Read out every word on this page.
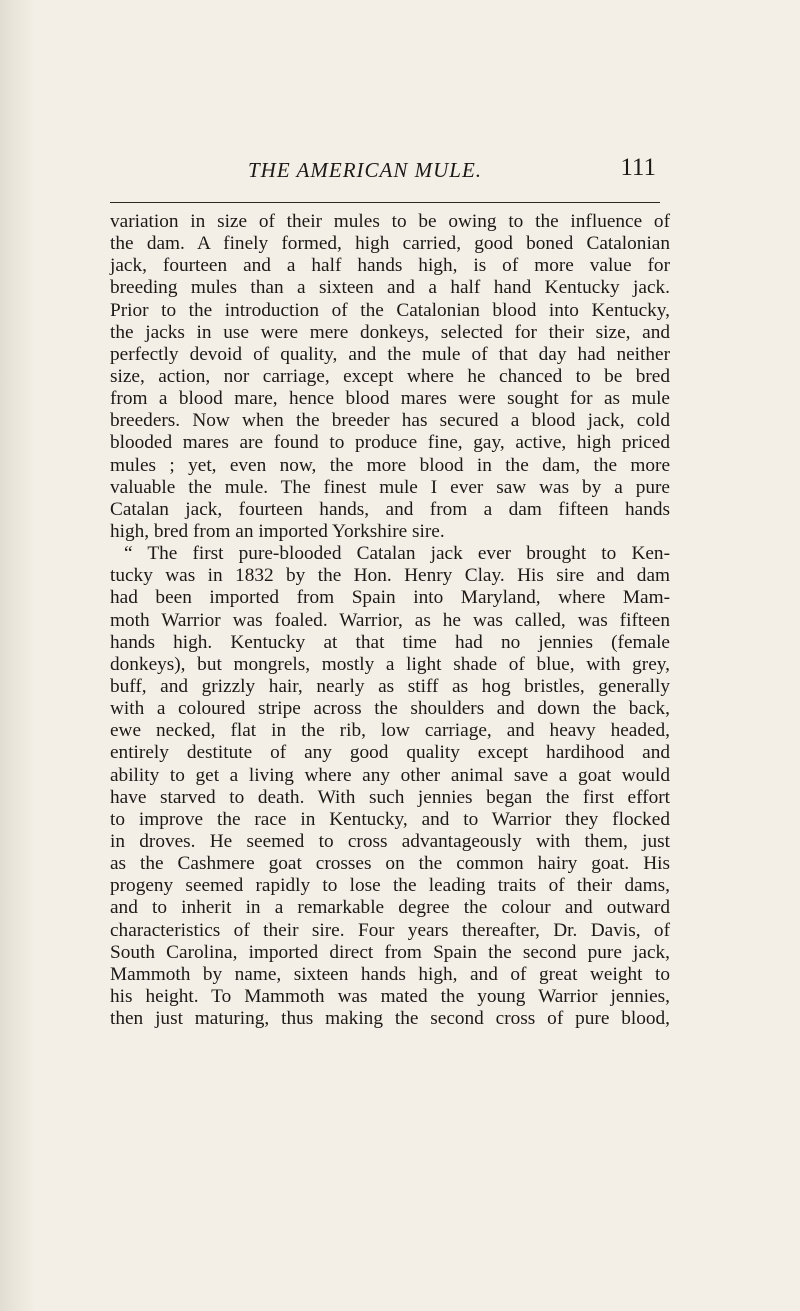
THE AMERICAN MULE.	111
variation in size of their mules to be owing to the influence of
the dam. A finely formed, high carried, good boned Catalonian
jack, fourteen and a half hands high, is of more value for
breeding mules than a sixteen and a half hand Kentucky jack.
Prior to the introduction of the Catalonian blood into Kentucky,
the jacks in use were mere donkeys, selected for their size, and
perfectly devoid of quality, and the mule of that day had neither
size, action, nor carriage, except where he chanced to be bred
from a blood mare, hence blood mares were sought for as mule
breeders. Now when the breeder has secured a blood jack, cold
blooded mares are found to produce fine, gay, active, high priced
mules ; yet, even now, the more blood in the dam, the more
valuable the mule. The finest mule I ever saw was by a pure
Catalan jack, fourteen hands, and from a dam fifteen hands
high, bred from an imported Yorkshire sire.
“ The first pure-blooded Catalan jack ever brought to Ken-
tucky was in 1832 by the Hon. Henry Clay. His sire and dam
had been imported from Spain into Maryland, where Mam-
moth Warrior was foaled. Warrior, as he was called, was fifteen
hands high. Kentucky at that time had no jennies (female
donkeys), but mongrels, mostly a light shade of blue, with grey,
buff, and grizzly hair, nearly as stiff as hog bristles, generally
with a coloured stripe across the shoulders and down the back,
ewe necked, flat in the rib, low carriage, and heavy headed,
entirely destitute of any good quality except hardihood and
ability to get a living where any other animal save a goat would
have starved to death. With such jennies began the first effort
to improve the race in Kentucky, and to Warrior they flocked
in droves. He seemed to cross advantageously with them, just
as the Cashmere goat crosses on the common hairy goat. His
progeny seemed rapidly to lose the leading traits of their dams,
and to inherit in a remarkable degree the colour and outward
characteristics of their sire. Four years thereafter, Dr. Davis, of
South Carolina, imported direct from Spain the second pure jack,
Mammoth by name, sixteen hands high, and of great weight to
his height. To Mammoth was mated the young Warrior jennies,
then just maturing, thus making the second cross of pure blood,
